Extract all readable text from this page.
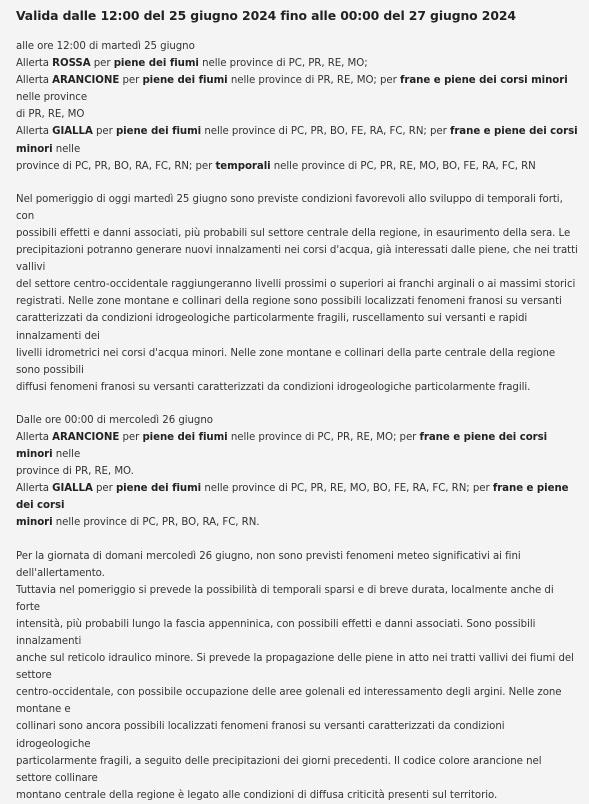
Valida dalle 12:00 del 25 giugno 2024 fino alle 00:00 del 27 giugno 2024
alle ore 12:00 di martedì 25 giugno
Allerta ROSSA per piene dei fiumi nelle province di PC, PR, RE, MO;
Allerta ARANCIONE per piene dei fiumi nelle province di PR, RE, MO; per frane e piene dei corsi minori nelle province
di PR, RE, MO
Allerta GIALLA per piene dei fiumi nelle province di PC, PR, BO, FE, RA, FC, RN; per frane e piene dei corsi minori nelle
province di PC, PR, BO, RA, FC, RN; per temporali nelle province di PC, PR, RE, MO, BO, FE, RA, FC, RN
Nel pomeriggio di oggi martedì 25 giugno sono previste condizioni favorevoli allo sviluppo di temporali forti, con
possibili effetti e danni associati, più probabili sul settore centrale della regione, in esaurimento della sera. Le
precipitazioni potranno generare nuovi innalzamenti nei corsi d'acqua, già interessati dalle piene, che nei tratti vallivi
del settore centro-occidentale raggiungeranno livelli prossimi o superiori ai franchi arginali o ai massimi storici
registrati. Nelle zone montane e collinari della regione sono possibili localizzati fenomeni franosi su versanti
caratterizzati da condizioni idrogeologiche particolarmente fragili, ruscellamento sui versanti e rapidi innalzamenti dei
livelli idrometrici nei corsi d'acqua minori. Nelle zone montane e collinari della parte centrale della regione sono possibili
diffusi fenomeni franosi su versanti caratterizzati da condizioni idrogeologiche particolarmente fragili.
Dalle ore 00:00 di mercoledì 26 giugno
Allerta ARANCIONE per piene dei fiumi nelle province di PC, PR, RE, MO; per frane e piene dei corsi minori nelle
province di PR, RE, MO.
Allerta GIALLA per piene dei fiumi nelle province di PC, PR, RE, MO, BO, FE, RA, FC, RN; per frane e piene dei corsi
minori nelle province di PC, PR, BO, RA, FC, RN.
Per la giornata di domani mercoledì 26 giugno, non sono previsti fenomeni meteo significativi ai fini dell'allertamento.
Tuttavia nel pomeriggio si prevede la possibilità di temporali sparsi e di breve durata, localmente anche di forte
intensità, più probabili lungo la fascia appenninica, con possibili effetti e danni associati. Sono possibili innalzamenti
anche sul reticolo idraulico minore. Si prevede la propagazione delle piene in atto nei tratti vallivi dei fiumi del settore
centro-occidentale, con possibile occupazione delle aree golenali ed interessamento degli argini. Nelle zone montane e
collinari sono ancora possibili localizzati fenomeni franosi su versanti caratterizzati da condizioni idrogeologiche
particolarmente fragili, a seguito delle precipitazioni dei giorni precedenti. Il codice colore arancione nel settore collinare
montano centrale della regione è legato alle condizioni di diffusa criticità presenti sul territorio.
